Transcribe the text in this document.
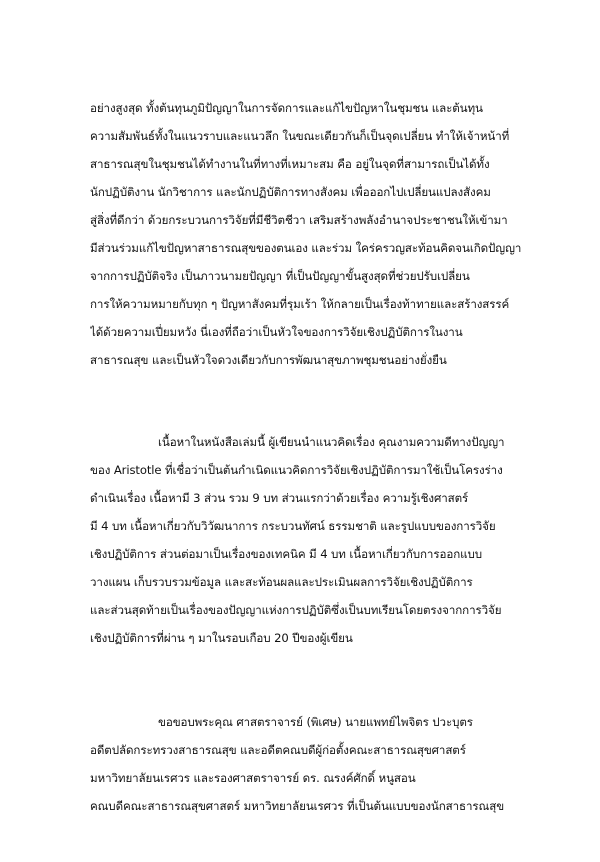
อย่างสูงสุด ทั้งต้นทุนภูมิปัญญาในการจัดการและแก้ไขปัญหาในชุมชน และต้นทุน
ความสัมพันธ์ทั้งในแนวราบและแนวลึก ในขณะเดียวกันก็เป็นจุดเปลี่ยน ทำให้เจ้าหน้าที่
สาธารณสุขในชุมชนได้ทำงานในที่ทางที่เหมาะสม คือ อยู่ในจุดที่สามารถเป็นได้ทั้ง
นักปฏิบัติงาน นักวิชาการ และนักปฏิบัติการทางสังคม เพื่อออกไปเปลี่ยนแปลงสังคม
สู่สิ่งที่ดีกว่า ด้วยกระบวนการวิจัยที่มีชีวิตชีวา เสริมสร้างพลังอำนาจประชาชนให้เข้ามา
มีส่วนร่วมแก้ไขปัญหาสาธารณสุขของตนเอง และร่วม ใคร่ครวญสะท้อนคิดจนเกิดปัญญา
จากการปฏิบัติจริง เป็นภาวนามยปัญญา ที่เป็นปัญญาขั้นสูงสุดที่ช่วยปรับเปลี่ยน
การให้ความหมายกับทุก ๆ ปัญหาสังคมที่รุมเร้า ให้กลายเป็นเรื่องท้าทายและสร้างสรรค์
ได้ด้วยความเปี่ยมหวัง นี่เองที่ถือว่าเป็นหัวใจของการวิจัยเชิงปฏิบัติการในงาน
สาธารณสุข และเป็นหัวใจดวงเดียวกับการพัฒนาสุขภาพชุมชนอย่างยั่งยืน
เนื้อหาในหนังสือเล่มนี้ ผู้เขียนนำแนวคิดเรื่อง คุณงามความดีทางปัญญา
ของ Aristotle ที่เชื่อว่าเป็นต้นกำเนิดแนวคิดการวิจัยเชิงปฏิบัติการมาใช้เป็นโครงร่าง
ดำเนินเรื่อง เนื้อหามี 3 ส่วน รวม 9 บท ส่วนแรกว่าด้วยเรื่อง ความรู้เชิงศาสตร์
มี 4 บท เนื้อหาเกี่ยวกับวิวัฒนาการ กระบวนทัศน์ ธรรมชาติ และรูปแบบของการวิจัย
เชิงปฏิบัติการ ส่วนต่อมาเป็นเรื่องของเทคนิค มี 4 บท เนื้อหาเกี่ยวกับการออกแบบ
วางแผน เก็บรวบรวมข้อมูล และสะท้อนผลและประเมินผลการวิจัยเชิงปฏิบัติการ
และส่วนสุดท้ายเป็นเรื่องของปัญญาแห่งการปฏิบัติซึ่งเป็นบทเรียนโดยตรงจากการวิจัย
เชิงปฏิบัติการที่ผ่าน ๆ มาในรอบเกือบ 20 ปีของผู้เขียน
ขอขอบพระคุณ ศาสตราจารย์ (พิเศษ) นายแพทย์ไพจิตร ปวะบุตร
อดีตปลัดกระทรวงสาธารณสุข และอดีตคณบดีผู้ก่อตั้งคณะสาธารณสุขศาสตร์
มหาวิทยาลัยนเรศวร และรองศาสตราจารย์ ดร. ณรงค์ศักดิ์ หนูสอน
คณบดีคณะสาธารณสุขศาสตร์ มหาวิทยาลัยนเรศวร ที่เป็นต้นแบบของนักสาธารณสุข
